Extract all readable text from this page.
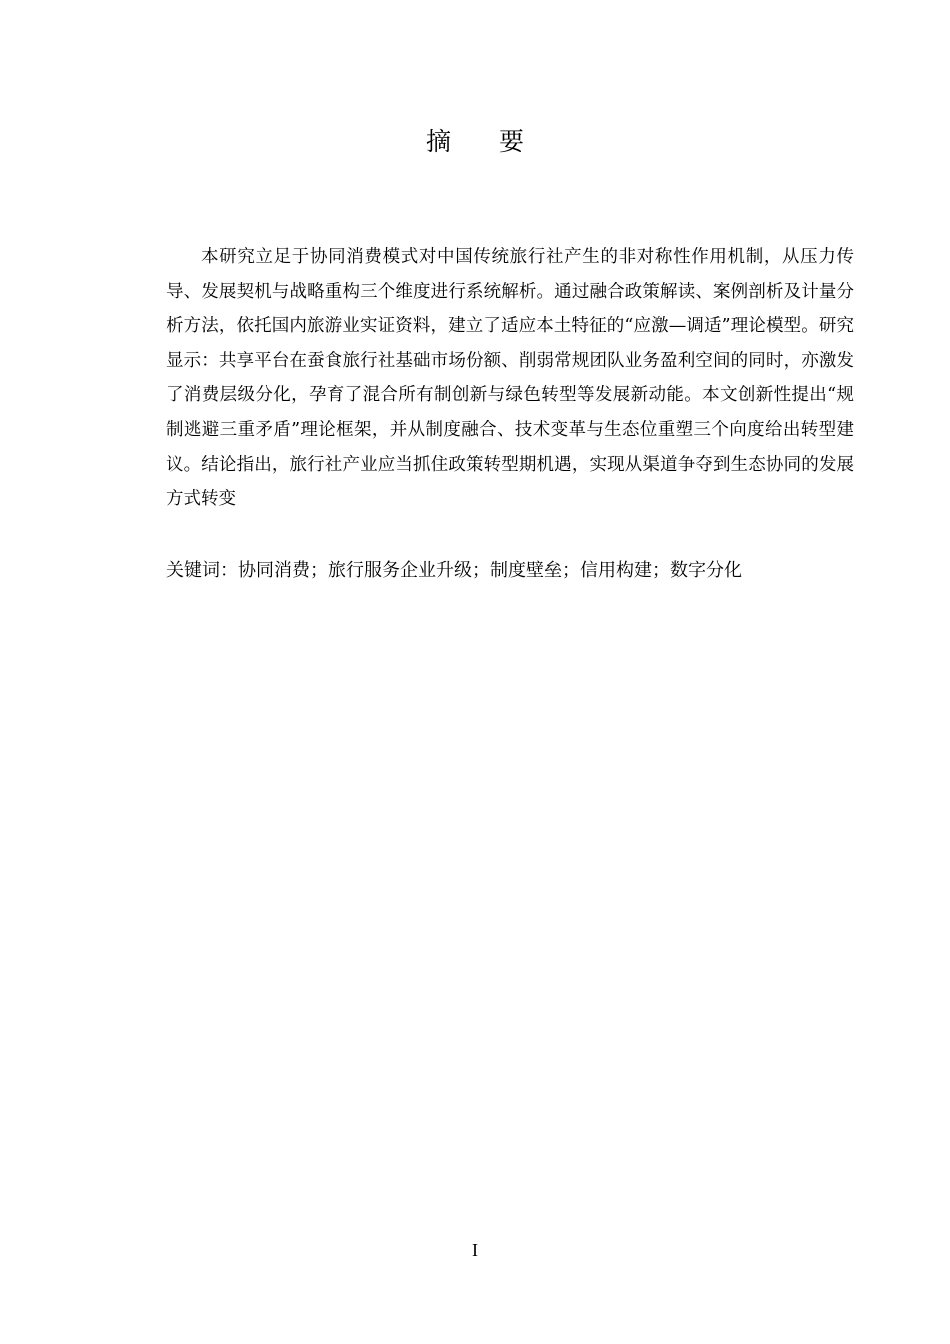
摘要

本研究立足于协同消费模式对中国传统旅行社产生的非对称性作用机制，从压力传导、发展契机与战略重构三个维度进行系统解析。通过融合政策解读、案例剖析及计量分析方法，依托国内旅游业实证资料，建立了适应本土特征的“应激—调适”理论模型。研究显示：共享平台在蚕食旅行社基础市场份额、削弱常规团队业务盈利空间的同时，亦激发了消费层级分化，孕育了混合所有制创新与绿色转型等发展新动能。本文创新性提出“规制逃避三重矛盾”理论框架，并从制度融合、技术变革与生态位重塑三个向度给出转型建议。结论指出，旅行社产业应当抓住政策转型期机遇，实现从渠道争夺到生态协同的发展方式转变

关键词：协同消费；旅行服务企业升级；制度壁垒；信用构建；数字分化

I
